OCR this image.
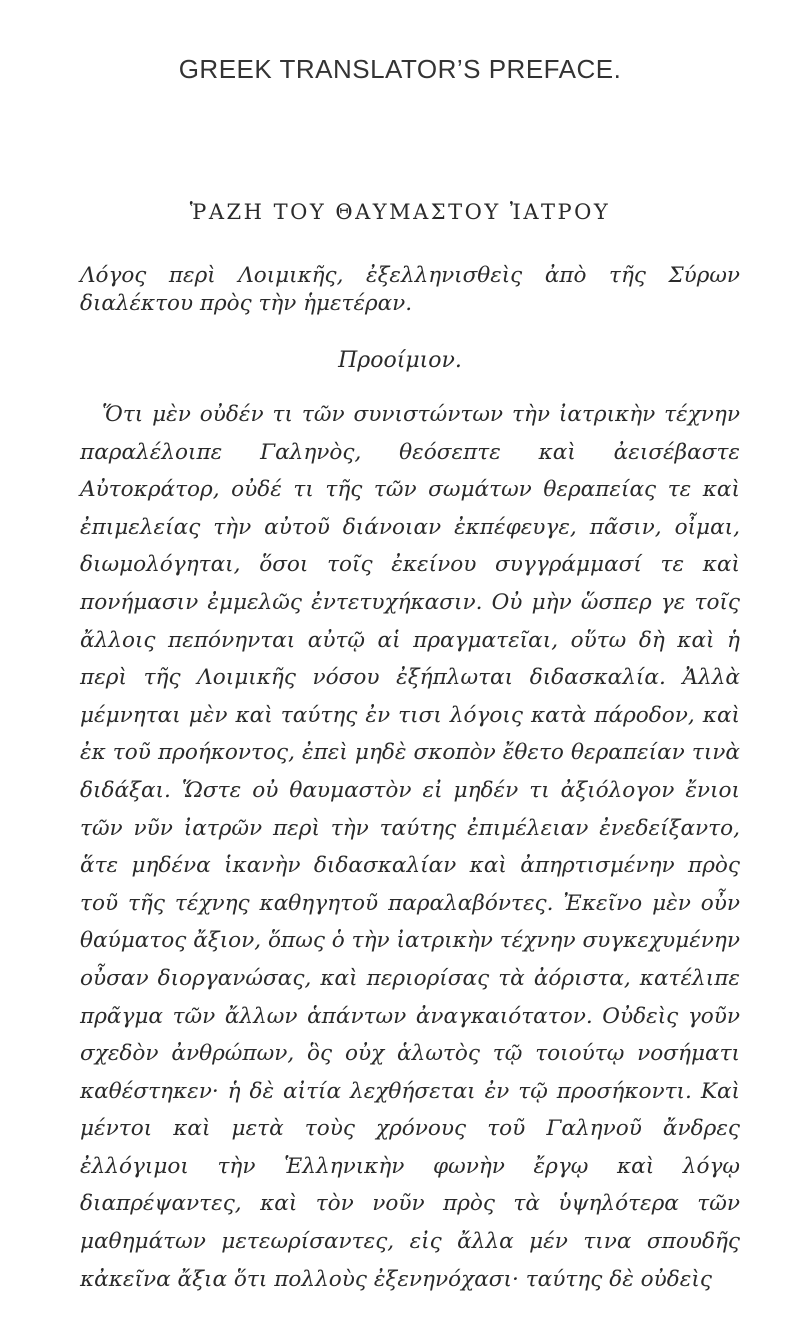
GREEK TRANSLATOR’S PREFACE.
ῬΑΖΗ ΤΟΥ ΘΑΥΜΑΣΤΟΥ ἸΑΤΡΟΥ
Λόγος περὶ Λοιμικῆς, ἐξελληνισθεὶς ἀπὸ τῆς Σύρων διαλέκτου πρὸς τὴν ἡμετέραν.
Προοίμιον.

Ὅτι μὲν οὐδέν τι τῶν συνιστώντων τὴν ἰατρικὴν τέχνην παραλέλοιπε Γαληνὸς, θεόσεπτε καὶ ἀεισέβαστε Αὐτοκράτορ, οὐδέ τι τῆς τῶν σωμάτων θεραπείας τε καὶ ἐπιμελείας τὴν αὐτοῦ διάνοιαν ἐκπέφευγε, πᾶσιν, οἶμαι, διωμολόγηται, ὅσοι τοῖς ἐκείνου συγγράμμασί τε καὶ πονήμασιν ἐμμελῶς ἐντετυχήκασιν. Οὐ μὴν ὥσπερ γε τοῖς ἄλλοις πεπόνηνται αὐτῷ αἱ πραγματεῖαι, οὕτω δὴ καὶ ἡ περὶ τῆς Λοιμικῆς νόσου ἐξήπλωται διδασκαλία. Ἀλλὰ μέμνηται μὲν καὶ ταύτης ἐν τισι λόγοις κατὰ πάροδον, καὶ ἐκ τοῦ προήκοντος, ἐπεὶ μηδὲ σκοπὸν ἔθετο θεραπείαν τινὰ διδάξαι. Ὥστε οὐ θαυμαστὸν εἰ μηδέν τι ἀξιόλογον ἔνιοι τῶν νῦν ἰατρῶν περὶ τὴν ταύτης ἐπιμέλειαν ἐνεδείξαντο, ἅτε μηδένα ἱκανὴν διδασκαλίαν καὶ ἀπηρτισμένην πρὸς τοῦ τῆς τέχνης καθηγητοῦ παραλαβόντες. Ἐκεῖνο μὲν οὖν θαύματος ἄξιον, ὅπως ὁ τὴν ἰατρικὴν τέχνην συγκεχυμένην οὖσαν διοργανώσας, καὶ περιορίσας τὰ ἀόριστα, κατέλιπε πρᾶγμα τῶν ἄλλων ἁπάντων ἀναγκαιότατον. Οὐδεὶς γοῦν σχεδὸν ἀνθρώπων, ὃς οὐχ ἁλωτὸς τῷ τοιούτῳ νοσήματι καθέστηκεν· ἡ δὲ αἰτία λεχθήσεται ἐν τῷ προσήκοντι. Καὶ μέντοι καὶ μετὰ τοὺς χρόνους τοῦ Γαληνοῦ ἄνδρες ἐλλόγιμοι τὴν Ἑλληνικὴν φωνὴν ἔργῳ καὶ λόγῳ διαπρέψαντες, καὶ τὸν νοῦν πρὸς τὰ ὑψηλότερα τῶν μαθημάτων μετεωρίσαντες, εἰς ἄλλα μέν τινα σπουδῆς κἀκεῖνα ἄξια ὅτι πολλοὺς ἐξενηνόχασι· ταύτης δὲ οὐδεὶς
